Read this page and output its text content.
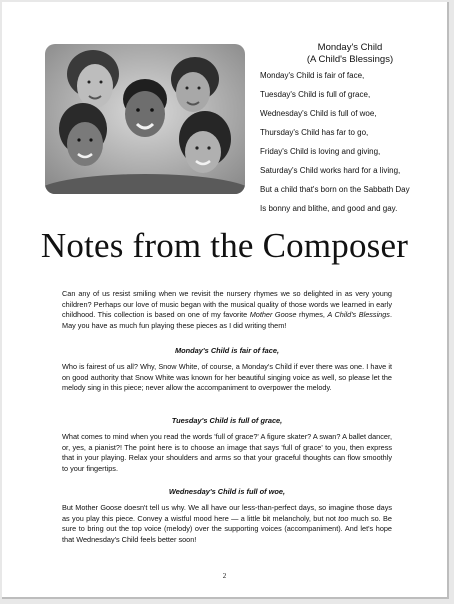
Monday's Child
(A Child's Blessings)
Monday's Child is fair of face,
Tuesday's Child is full of grace,
Wednesday's Child is full of woe,
Thursday's Child has far to go,
Friday's Child is loving and giving,
Saturday's Child works hard for a living,
But a child that's born on the Sabbath Day
Is bonny and blithe, and good and gay.
Notes from the Composer
Can any of us resist smiling when we revisit the nursery rhymes we so delighted in as very young children? Perhaps our love of music began with the musical quality of those words we learned in early childhood. This collection is based on one of my favorite Mother Goose rhymes, A Child's Blessings. May you have as much fun playing these pieces as I did writing them!
Monday's Child is fair of face,
Who is fairest of us all? Why, Snow White, of course, a Monday's Child if ever there was one. I have it on good authority that Snow White was known for her beautiful singing voice as well, so please let the melody sing in this piece; never allow the accompaniment to overpower the melody.
Tuesday's Child is full of grace,
What comes to mind when you read the words 'full of grace?' A figure skater? A swan? A ballet dancer, or, yes, a pianist?! The point here is to choose an image that says 'full of grace' to you, then express that in your playing. Relax your shoulders and arms so that your graceful thoughts can flow smoothly to your fingertips.
Wednesday's Child is full of woe,
But Mother Goose doesn't tell us why. We all have our less-than-perfect days, so imagine those days as you play this piece. Convey a wistful mood here — a little bit melancholy, but not too much so. Be sure to bring out the top voice (melody) over the supporting voices (accompaniment). And let's hope that Wednesday's Child feels better soon!
2
